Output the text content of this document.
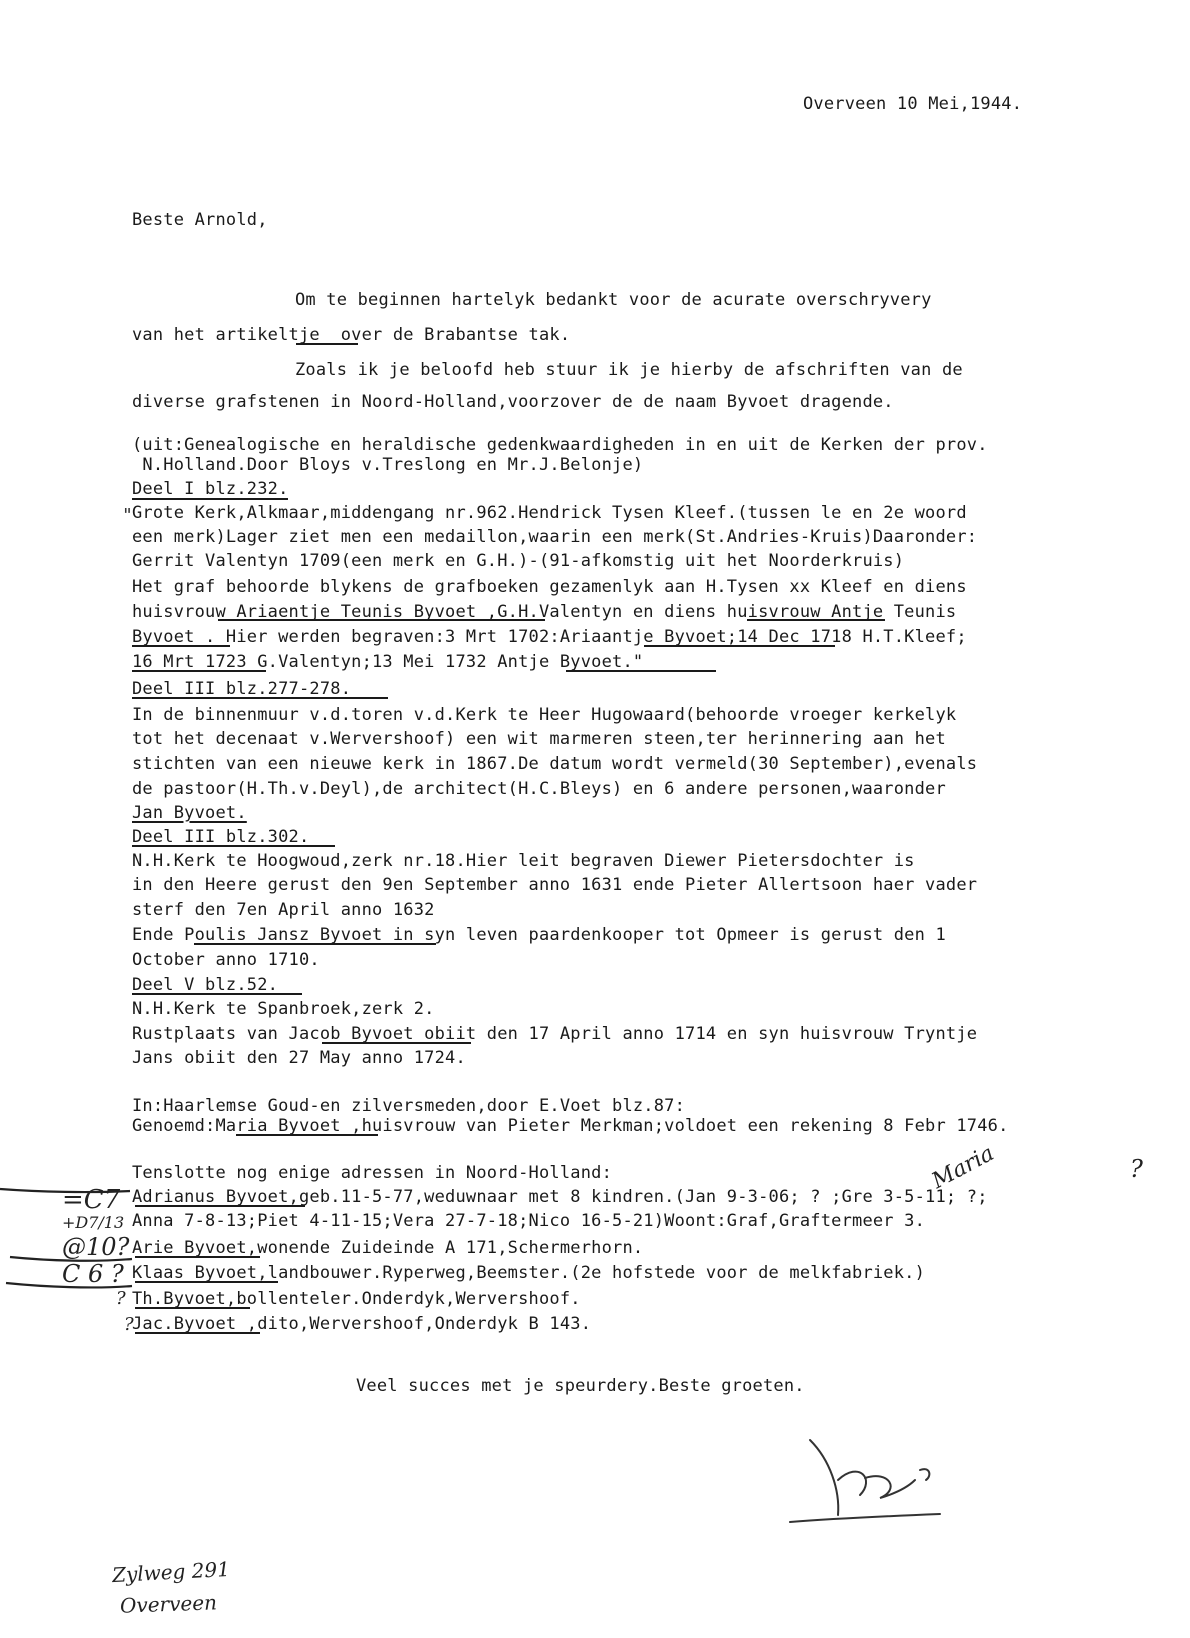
Overveen 10 Mei,1944.
Beste Arnold,
Om te beginnen hartelyk bedankt voor de acurate overschryvery
van het artikeltje  over de Brabantse tak.
Zoals ik je beloofd heb stuur ik je hierby de afschriften van de
diverse grafstenen in Noord-Holland,voorzover de de naam Byvoet dragende.
(uit:Genealogische en heraldische gedenkwaardigheden in en uit de Kerken der prov.
N.Holland.Door Bloys v.Treslong en Mr.J.Belonje)
Deel I blz.232.
" Grote Kerk,Alkmaar,middengang nr.962.Hendrick Tysen Kleef.(tussen le en 2e woord
een merk)Lager ziet men een medaillon,waarin een merk(St.Andries-Kruis)Daaronder:
Gerrit Valentyn 1709(een merk en G.H.)-(91-afkomstig uit het Noorderkruis)
Het graf behoorde blykens de grafboeken gezamenlyk aan H.Tysen xx Kleef en diens
huisvrouw Ariaentje Teunis Byvoet ,G.H.Valentyn en diens huisvrouw Antje Teunis
Byvoet . Hier werden begraven:3 Mrt 1702:Ariaantje Byvoet;14 Dec 1718 H.T.Kleef;
16 Mrt 1723 G.Valentyn;13 Mei 1732 Antje Byvoet."
Deel III blz.277-278.
In de binnenmuur v.d.toren v.d.Kerk te Heer Hugowaard(behoorde vroeger kerkelyk
tot het decenaat v.Wervershoof) een wit marmeren steen,ter herinnering aan het
stichten van een nieuwe kerk in 1867.De datum wordt vermeld(30 September),evenals
de pastoor(H.Th.v.Deyl),de architect(H.C.Bleys) en 6 andere personen,waaronder
Jan Byvoet.
Deel III blz.302.
N.H.Kerk te Hoogwoud,zerk nr.18.Hier leit begraven Diewer Pietersdochter is
in den Heere gerust den 9en September anno 1631 ende Pieter Allertsoon haer vader
sterf den 7en April anno 1632
Ende Poulis Jansz Byvoet in syn leven paardenkooper tot Opmeer is gerust den 1
October anno 1710.
Deel V blz.52.
N.H.Kerk te Spanbroek,zerk 2.
Rustplaats van Jacob Byvoet obiit den 17 April anno 1714 en syn huisvrouw Tryntje
Jans obiit den 27 May anno 1724.
In:Haarlemse Goud-en zilversmeden,door E.Voet blz.87:
Genoemd:Maria Byvoet ,huisvrouw van Pieter Merkman;voldoet een rekening 8 Febr 1746.
Tenslotte nog enige adressen in Noord-Holland:
Adrianus Byvoet,geb.11-5-77,weduwnaar met 8 kindren.(Jan 9-3-06; ? ;Gre 3-5-11; ?;
Anna 7-8-13;Piet 4-11-15;Vera 27-7-18;Nico 16-5-21)Woont:Graf,Graftermeer 3.
Arie Byvoet,wonende Zuideinde A 171,Schermerhorn.
Klaas Byvoet,landbouwer.Ryperweg,Beemster.(2e hofstede voor de melkfabriek.)
Th.Byvoet,bollenteler.Onderdyk,Wervershoof.
Jac.Byvoet ,dito,Wervershoof,Onderdyk B 143.
Veel succes met je speurdery.Beste groeten.
Maria	?
=C7
+D7/13
@10?
C 6 ?
?
?
Zylweg 291
Overveen
